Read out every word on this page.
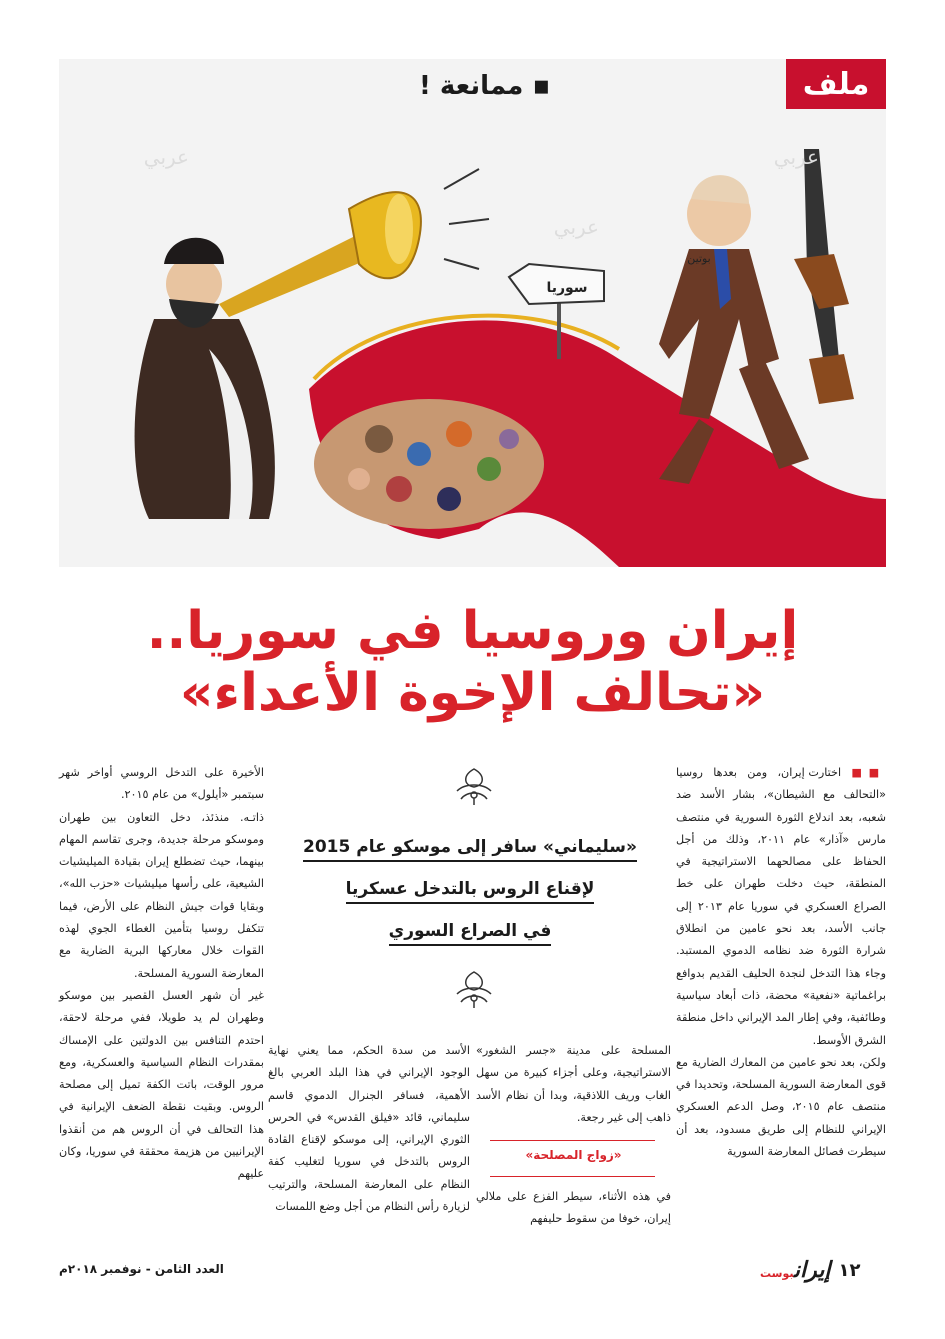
سوريا
بوتين
عربي
عربي
عربي
▪ ممانعة !	ملف
إيران وروسيا في سوريا..
«تحالف الإخوة الأعداء»
«سليماني» سافر إلى موسكو عام 2015
لإقناع الروس بالتدخل عسكريا
في الصراع السوري

■■ اختارت إيران، ومن بعدها روسيا «التحالف مع الشيطان»، بشار الأسد ضد شعبه، بعد اندلاع الثورة السورية في منتصف مارس «آذار» عام ٢٠١١، وذلك من أجل الحفاظ على مصالحهما الاستراتيجية في المنطقة، حيث دخلت طهران على خط الصراع العسكري في سوريا عام ٢٠١٣ إلى جانب الأسد، بعد نحو عامين من انطلاق شرارة الثورة ضد نظامه الدموي المستبد. وجاء هذا التدخل لنجدة الحليف القديم بدوافع براغماتية «نفعية» محضة، ذات أبعاد سياسية وطائفية، وفي إطار المد الإيراني داخل منطقة الشرق الأوسط.

ولكن، بعد نحو عامين من المعارك الضارية مع قوى المعارضة السورية المسلحة، وتحديدا في منتصف عام ٢٠١٥، وصل الدعم العسكري الإيراني للنظام إلى طريق مسدود، بعد أن سيطرت فصائل المعارضة السورية

المسلحة على مدينة «جسر الشغور» الاستراتيجية، وعلى أجزاء كبيرة من سهل الغاب وريف اللاذقية، وبدا أن نظام الأسد ذاهب إلى غير رجعة.

«زواج المصلحة»

في هذه الأثناء، سيطر الفزع على ملالي إيران، خوفا من سقوط حليفهم

الأسد من سدة الحكم، مما يعني نهاية الوجود الإيراني في هذا البلد العربي بالغ الأهمية، فسافر الجنرال الدموي قاسم سليماني، قائد «فيلق القدس» في الحرس الثوري الإيراني، إلى موسكو لإقناع القادة الروس بالتدخل في سوريا لتغليب كفة النظام على المعارضة المسلحة، والترتيب لزيارة رأس النظام من أجل وضع اللمسات

الأخيرة على التدخل الروسي أواخر شهر سبتمبر «أيلول» من عام ٢٠١٥.

ذاتـه. منذئذ، دخل التعاون بين طهران وموسكو مرحلة جديدة، وجرى تقاسم المهام بينهما، حيث تضطلع إيران بقيادة الميليشيات الشيعية، على رأسها ميليشيات «حزب الله»، وبقايا قوات جيش النظام على الأرض، فيما تتكفل روسيا بتأمين الغطاء الجوي لهذه القوات خلال معاركها البرية الضارية مع المعارضة السورية المسلحة.

غير أن شهر العسل القصير بين موسكو وطهران لم يد طويلا، ففي مرحلة لاحقة، احتدم التنافس بين الدولتين على الإمساك بمقدرات النظام السياسية والعسكرية، ومع مرور الوقت، باتت الكفة تميل إلى مصلحة الروس. وبقيت نقطة الضعف الإيرانية في هذا التحالف في أن الروس هم من أنقذوا الإيرانيين من هزيمة محققة في سوريا، وكان عليهم

١٢
إيرانبوست
العدد الثامن - نوفمبر ٢٠١٨م
